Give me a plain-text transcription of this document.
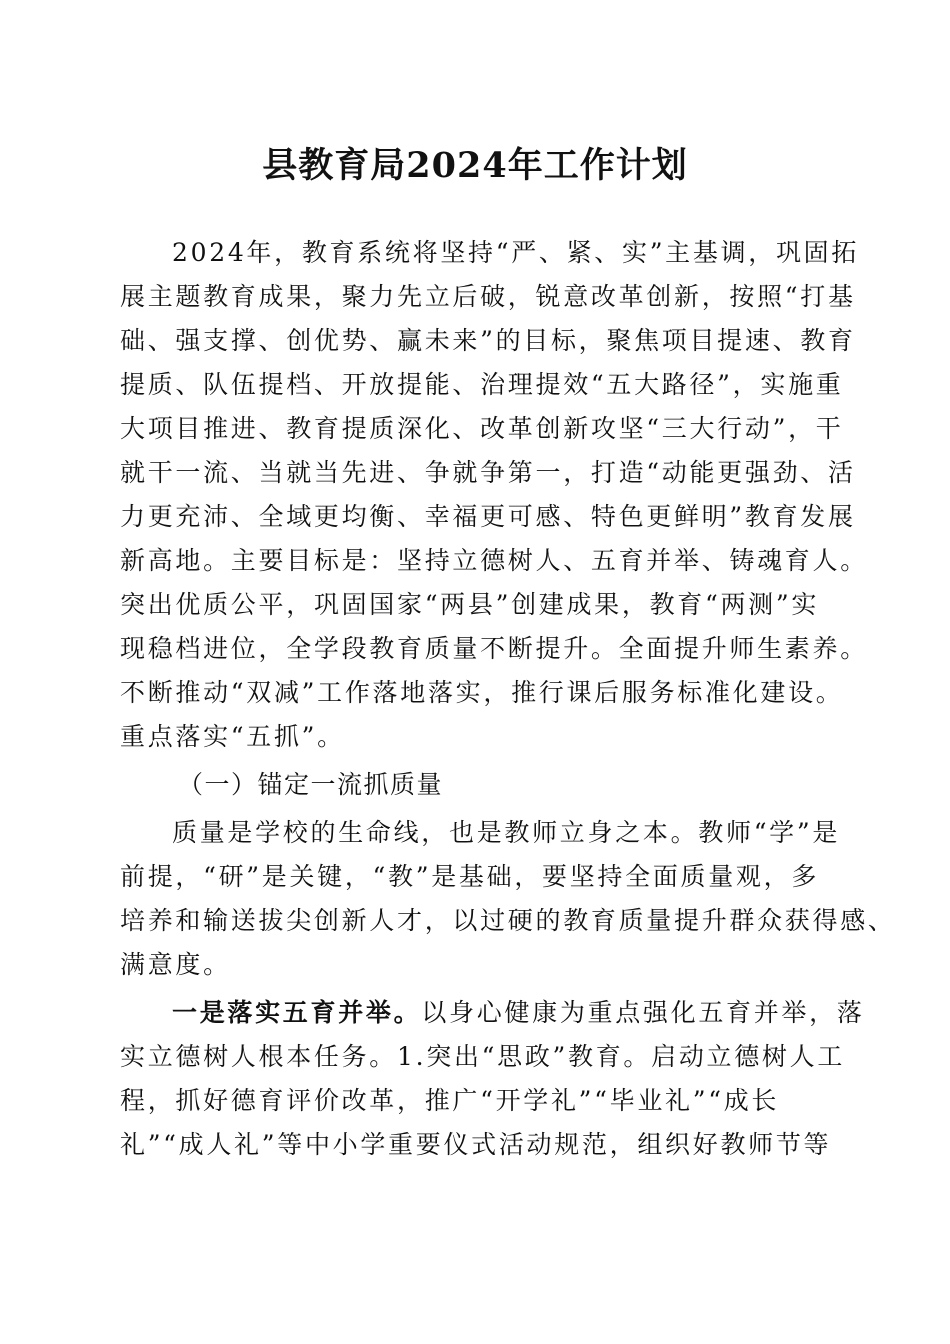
县教育局2024年工作计划

2024年，教育系统将坚持“严、紧、实”主基调，巩固拓

展主题教育成果，聚力先立后破，锐意改革创新，按照“打基

础、强支撑、创优势、赢未来”的目标，聚焦项目提速、教育

提质、队伍提档、开放提能、治理提效“五大路径”，实施重

大项目推进、教育提质深化、改革创新攻坚“三大行动”，干

就干一流、当就当先进、争就争第一，打造“动能更强劲、活

力更充沛、全域更均衡、幸福更可感、特色更鲜明”教育发展

新高地。主要目标是：坚持立德树人、五育并举、铸魂育人。

突出优质公平，巩固国家“两县”创建成果，教育“两测”实

现稳档进位，全学段教育质量不断提升。全面提升师生素养。

不断推动“双减”工作落地落实，推行课后服务标准化建设。

重点落实“五抓”。

（一）锚定一流抓质量

质量是学校的生命线，也是教师立身之本。教师“学”是

前提，“研”是关键，“教”是基础，要坚持全面质量观，多

培养和输送拔尖创新人才，以过硬的教育质量提升群众获得感、

满意度。

一是落实五育并举。以身心健康为重点强化五育并举，落

实立德树人根本任务。1.突出“思政”教育。启动立德树人工

程，抓好德育评价改革，推广“开学礼”“毕业礼”“成长

礼”“成人礼”等中小学重要仪式活动规范，组织好教师节等
